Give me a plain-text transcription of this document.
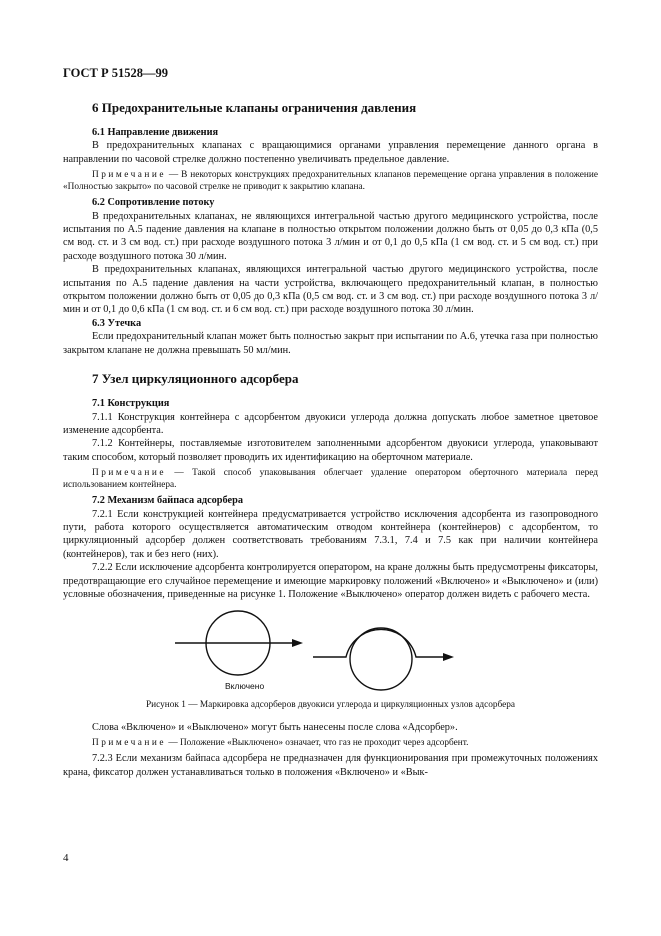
ГОСТ Р 51528—99
6 Предохранительные клапаны ограничения давления
6.1 Направление движения

В предохранительных клапанах с вращающимися органами управления перемещение данного органа в направлении по часовой стрелке должно постепенно увеличивать предельное давление.

Примечание — В некоторых конструкциях предохранительных клапанов перемещение органа управления в положение «Полностью закрыто» по часовой стрелке не приводит к закрытию клапана.

6.2 Сопротивление потоку

В предохранительных клапанах, не являющихся интегральной частью другого медицинского устройства, после испытания по А.5 падение давления на клапане в полностью открытом положении должно быть от 0,05 до 0,3 кПа (0,5 см вод. ст. и 3 см вод. ст.) при расходе воздушного потока 3 л/мин и от 0,1 до 0,5 кПа (1 см вод. ст. и 5 см вод. ст.) при расходе воздушного потока 30 л/мин.

В предохранительных клапанах, являющихся интегральной частью другого медицинского устройства, после испытания по А.5 падение давления на части устройства, включающего предохранительный клапан, в полностью открытом положении должно быть от 0,05 до 0,3 кПа (0,5 см вод. ст. и 3 см вод. ст.) при расходе воздушного потока 3 л/мин и от 0,1 до 0,6 кПа (1 см вод. ст. и 6 см вод. ст.) при расходе воздушного потока 30 л/мин.

6.3 Утечка

Если предохранительный клапан может быть полностью закрыт при испытании по А.6, утечка газа при полностью закрытом клапане не должна превышать 50 мл/мин.

7 Узел циркуляционного адсорбера
7.1 Конструкция

7.1.1 Конструкция контейнера с адсорбентом двуокиси углерода должна допускать любое заметное цветовое изменение адсорбента.

7.1.2 Контейнеры, поставляемые изготовителем заполненными адсорбентом двуокиси углерода, упаковывают таким способом, который позволяет проводить их идентификацию на оберточном материале.

Примечание — Такой способ упаковывания облегчает удаление оператором оберточного материала перед использованием контейнера.

7.2 Механизм байпаса адсорбера

7.2.1 Если конструкцией контейнера предусматривается устройство исключения адсорбента из газопроводного пути, работа которого осуществляется автоматическим отводом контейнера (контейнеров) с адсорбентом, то циркуляционный адсорбер должен соответствовать требованиям 7.3.1, 7.4 и 7.5 как при наличии контейнера (контейнеров), так и без него (них).

7.2.2 Если исключение адсорбента контролируется оператором, на кране должны быть предусмотрены фиксаторы, предотвращающие его случайное перемещение и имеющие маркировку положений «Включено» и «Выключено» и (или) условные обозначения, приведенные на рисунке 1. Положение «Выключено» оператор должен видеть с рабочего места.

Включено
Рисунок 1 — Маркировка адсорберов двуокиси углерода и циркуляционных узлов адсорбера

Слова «Включено» и «Выключено» могут быть нанесены после слова «Адсорбер».

Примечание — Положение «Выключено» означает, что газ не проходит через адсорбент.

7.2.3 Если механизм байпаса адсорбера не предназначен для функционирования при промежуточных положениях крана, фиксатор должен устанавливаться только в положения «Включено» и «Вык-

4
